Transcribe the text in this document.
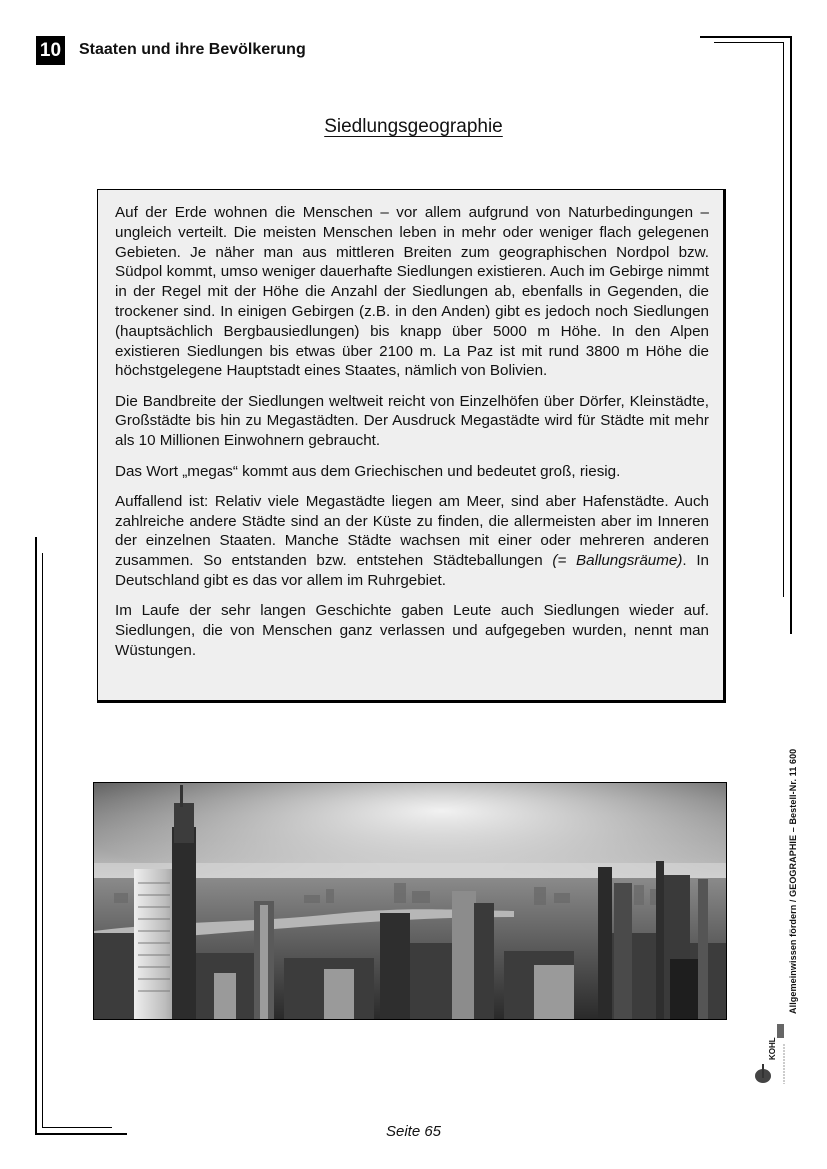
10 Staaten und ihre Bevölkerung
Siedlungsgeographie

Auf der Erde wohnen die Menschen – vor allem aufgrund von Naturbedingungen – ungleich verteilt. Die meisten Menschen leben in mehr oder weniger flach gelegenen Gebieten. Je näher man aus mittleren Breiten zum geographischen Nordpol bzw. Südpol kommt, umso weniger dauerhafte Siedlungen existieren. Auch im Gebirge nimmt in der Regel mit der Höhe die Anzahl der Siedlungen ab, ebenfalls in Gegenden, die trockener sind. In einigen Gebirgen (z.B. in den Anden) gibt es jedoch noch Siedlungen (hauptsächlich Bergbausiedlungen) bis knapp über 5000 m Höhe. In den Alpen existieren Siedlungen bis etwas über 2100 m. La Paz ist mit rund 3800 m Höhe die höchstgelegene Hauptstadt eines Staates, nämlich von Bolivien.

Die Bandbreite der Siedlungen weltweit reicht von Einzelhöfen über Dörfer, Kleinstädte, Großstädte bis hin zu Megastädten. Der Ausdruck Megastädte wird für Städte mit mehr als 10 Millionen Einwohnern gebraucht.

Das Wort „megas“ kommt aus dem Griechischen und bedeutet groß, riesig.

Auffallend ist: Relativ viele Megastädte liegen am Meer, sind aber Hafenstädte. Auch zahlreiche andere Städte sind an der Küste zu finden, die allermeisten aber im Inneren der einzelnen Staaten. Manche Städte wachsen mit einer oder mehreren anderen zusammen. So entstanden bzw. entstehen Städteballungen (= Ballungsräume). In Deutschland gibt es das vor allem im Ruhrgebiet.

Im Laufe der sehr langen Geschichte gaben Leute auch Siedlungen wieder auf. Siedlungen, die von Menschen ganz verlassen und aufgegeben wurden, nennt man Wüstungen.

Allgemeinwissen fördern / GEOGRAPHIE – Bestell-Nr. 11 600
KOHL
Seite 65
